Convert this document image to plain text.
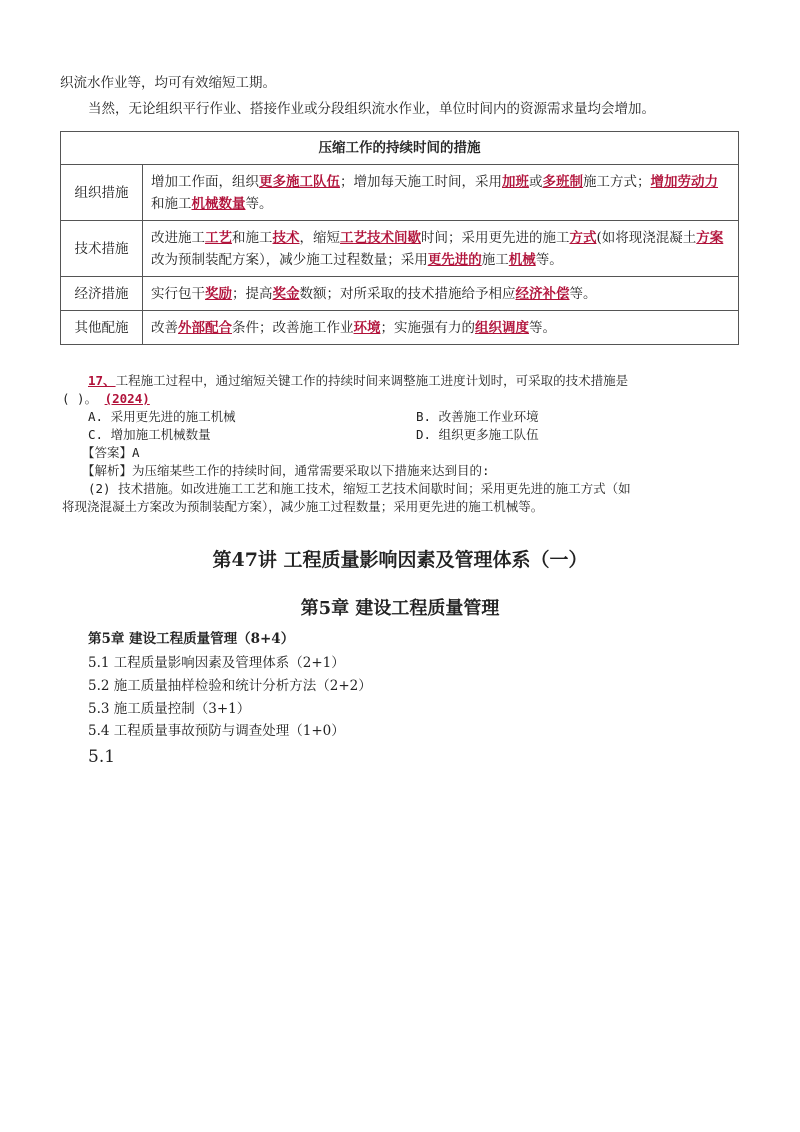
织流水作业等，均可有效缩短工期。
当然，无论组织平行作业、搭接作业或分段组织流水作业，单位时间内的资源需求量均会增加。
压缩工作的持续时间的措施	
组织措施	增加工作面，组织更多施工队伍；增加每天施工时间，采用加班或多班制施工方式；增加劳动力和施工机械数量等。
技术措施	改进施工工艺和施工技术，缩短工艺技术间歇时间；采用更先进的施工方式(如将现浇混凝土方案改为预制装配方案），减少施工过程数量；采用更先进的施工机械等。
经济措施	实行包干奖励；提高奖金数额；对所采取的技术措施给予相应经济补偿等。
其他配施	改善外部配合条件；改善施工作业环境；实施强有力的组织调度等。
17、工程施工过程中，通过缩短关键工作的持续时间来调整施工进度计划时，可采取的技术措施是
( )。 (2024)
A. 采用更先进的施工机械	B. 改善施工作业环境
C. 增加施工机械数量	D. 组织更多施工队伍
【答案】A
【解析】为压缩某些工作的持续时间，通常需要采取以下措施来达到目的:
(2) 技术措施。如改进施工工艺和施工技术，缩短工艺技术间歇时间；采用更先进的施工方式（如
将现浇混凝土方案改为预制装配方案），减少施工过程数量；采用更先进的施工机械等。
第47讲 工程质量影响因素及管理体系（一）
第5章 建设工程质量管理
第5章 建设工程质量管理（8+4）
5.1 工程质量影响因素及管理体系（2+1）
5.2 施工质量抽样检验和统计分析方法（2+2）
5.3 施工质量控制（3+1）
5.4 工程质量事故预防与调查处理（1+0）
5.1
